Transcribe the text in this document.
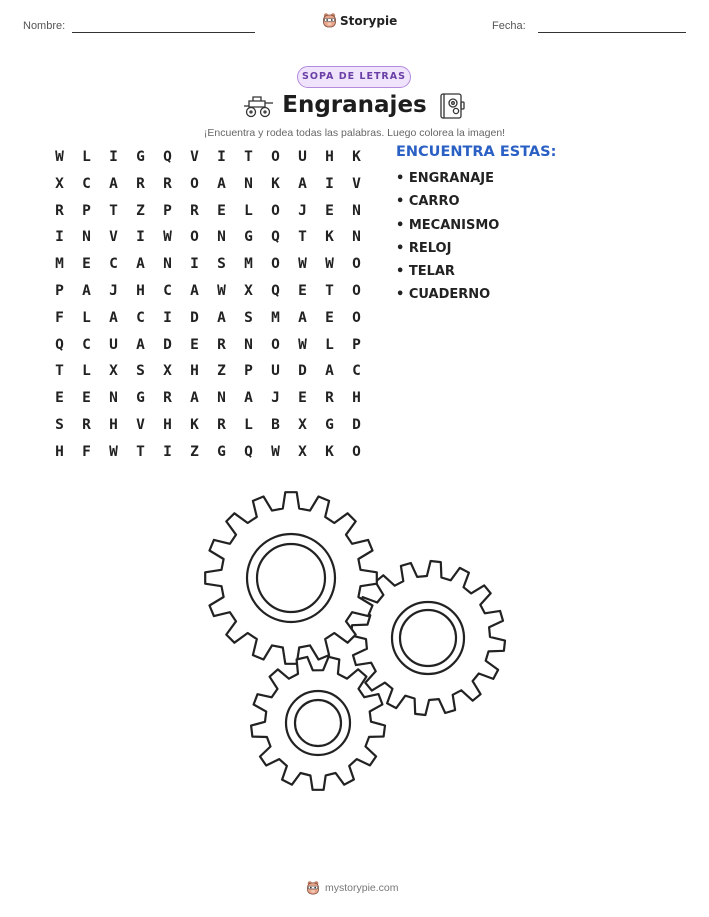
Nombre:	Storypie	Fecha:
SOPA DE LETRAS
Engranajes
¡Encuentra y rodea todas las palabras. Luego colorea la imagen!
W	L	I	G	Q	V	I	T	O	U	H	K
X	C	A	R	R	O	A	N	K	A	I	V
R	P	T	Z	P	R	E	L	O	J	E	N
I	N	V	I	W	O	N	G	Q	T	K	N
M	E	C	A	N	I	S	M	O	W	W	O
P	A	J	H	C	A	W	X	Q	E	T	O
F	L	A	C	I	D	A	S	M	A	E	O
Q	C	U	A	D	E	R	N	O	W	L	P
T	L	X	S	X	H	Z	P	U	D	A	C
E	E	N	G	R	A	N	A	J	E	R	H
S	R	H	V	H	K	R	L	B	X	G	D
H	F	W	T	I	Z	G	Q	W	X	K	O
ENCUENTRA ESTAS:
• ENGRANAJE
• CARRO
• MECANISMO
• RELOJ
• TELAR
• CUADERNO
mystorypie.com
